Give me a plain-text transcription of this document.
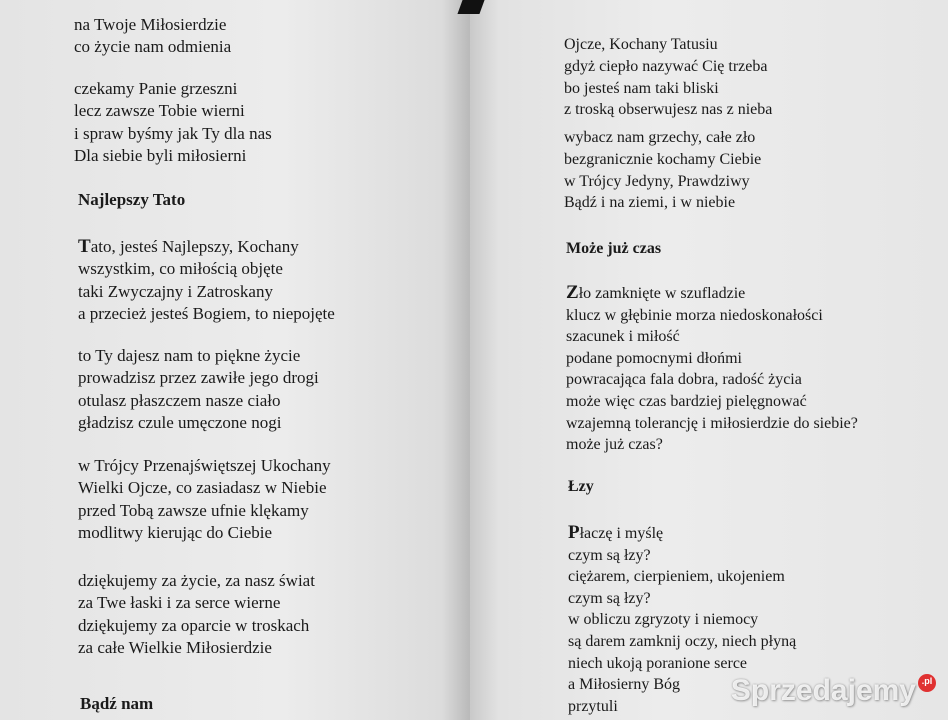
na Twoje Miłosierdzie
co życie nam odmienia
czekamy Panie grzeszni
lecz zawsze Tobie wierni
i spraw byśmy jak Ty dla nas
Dla siebie byli miłosierni
Najlepszy Tato
Tato, jesteś Najlepszy, Kochany
wszystkim, co miłością objęte
taki Zwyczajny i Zatroskany
a przecież jesteś Bogiem, to niepojęte
to Ty dajesz nam to piękne życie
prowadzisz przez zawiłe jego drogi
otulasz płaszczem nasze ciało
gładzisz czule umęczone nogi
w Trójcy Przenajświętszej Ukochany
Wielki Ojcze, co zasiadasz w Niebie
przed Tobą zawsze ufnie klękamy
modlitwy kierując do Ciebie
dziękujemy za życie, za nasz świat
za Twe łaski i za serce wierne
dziękujemy za oparcie w troskach
za całe Wielkie Miłosierdzie
Bądź nam
Ojcze, Kochany Tatusiu
gdyż ciepło nazywać Cię trzeba
bo jesteś nam taki bliski
z troską obserwujesz nas z nieba
wybacz nam grzechy, całe zło
bezgranicznie kochamy Ciebie
w Trójcy Jedyny, Prawdziwy
Bądź i na ziemi, i w niebie
Może już czas
Zło zamknięte w szufladzie
klucz w głębinie morza niedoskonałości
szacunek i miłość
podane pomocnymi dłońmi
powracająca fala dobra, radość życia
może więc czas bardziej pielęgnować
wzajemną tolerancję i miłosierdzie do siebie?
może już czas?
Łzy
Płaczę i myślę
czym są łzy?
ciężarem, cierpieniem, ukojeniem
czym są łzy?
w obliczu zgryzoty i niemocy
są darem zamknij oczy, niech płyną
niech ukoją poranione serce
a Miłosierny Bóg
przytuli	Sprzedajemy .pl
